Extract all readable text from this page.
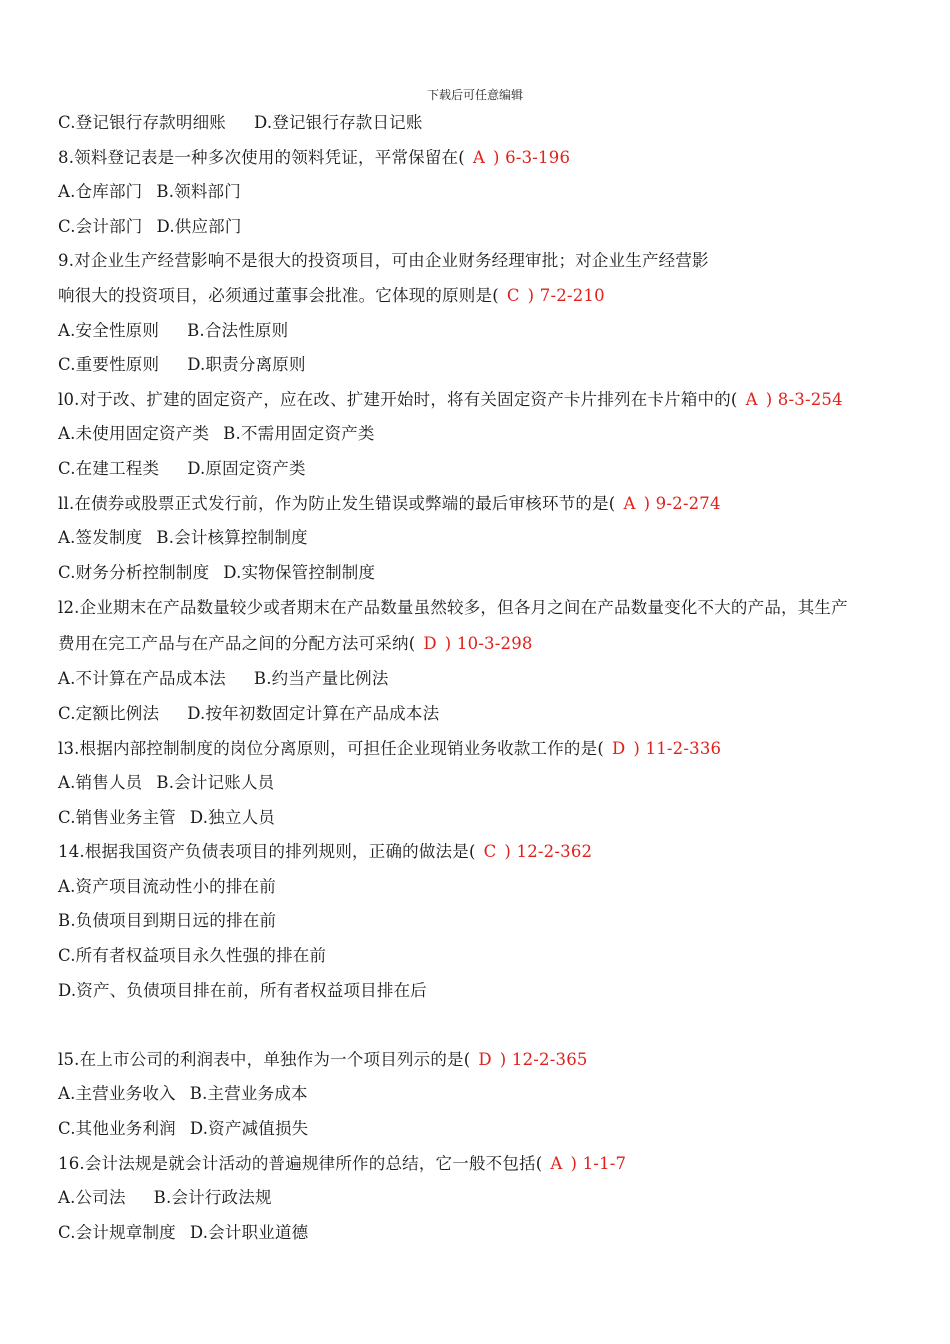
下载后可任意编辑
C.登记银行存款明细账 D.登记银行存款日记账
8.领料登记表是一种多次使用的领料凭证，平常保留在( A ) 6-3-196
A.仓库部门 B.领料部门
C.会计部门 D.供应部门
9.对企业生产经营影响不是很大的投资项目，可由企业财务经理审批；对企业生产经营影
响很大的投资项目，必须通过董事会批准。它体现的原则是( C ) 7-2-210
A.安全性原则 B.合法性原则
C.重要性原则 D.职责分离原则
l0.对于改、扩建的固定资产，应在改、扩建开始时，将有关固定资产卡片排列在卡片箱中的( A ) 8-3-254
A.未使用固定资产类 B.不需用固定资产类
C.在建工程类 D.原固定资产类
ll.在债券或股票正式发行前，作为防止发生错误或弊端的最后审核环节的是( A ) 9-2-274
A.签发制度 B.会计核算控制制度
C.财务分析控制制度 D.实物保管控制制度
l2.企业期末在产品数量较少或者期末在产品数量虽然较多，但各月之间在产品数量变化不大的产品，其生产
费用在完工产品与在产品之间的分配方法可采纳( D ) 10-3-298
A.不计算在产品成本法 B.约当产量比例法
C.定额比例法 D.按年初数固定计算在产品成本法
l3.根据内部控制制度的岗位分离原则，可担任企业现销业务收款工作的是( D ) 11-2-336
A.销售人员 B.会计记账人员
C.销售业务主管 D.独立人员
14.根据我国资产负债表项目的排列规则，正确的做法是( C ) 12-2-362
A.资产项目流动性小的排在前
B.负债项目到期日远的排在前
C.所有者权益项目永久性强的排在前
D.资产、负债项目排在前，所有者权益项目排在后
l5.在上市公司的利润表中，单独作为一个项目列示的是( D ) 12-2-365
A.主营业务收入 B.主营业务成本
C.其他业务利润 D.资产减值损失
16.会计法规是就会计活动的普遍规律所作的总结，它一般不包括( A ) 1-1-7
A.公司法 B.会计行政法规
C.会计规章制度 D.会计职业道德
